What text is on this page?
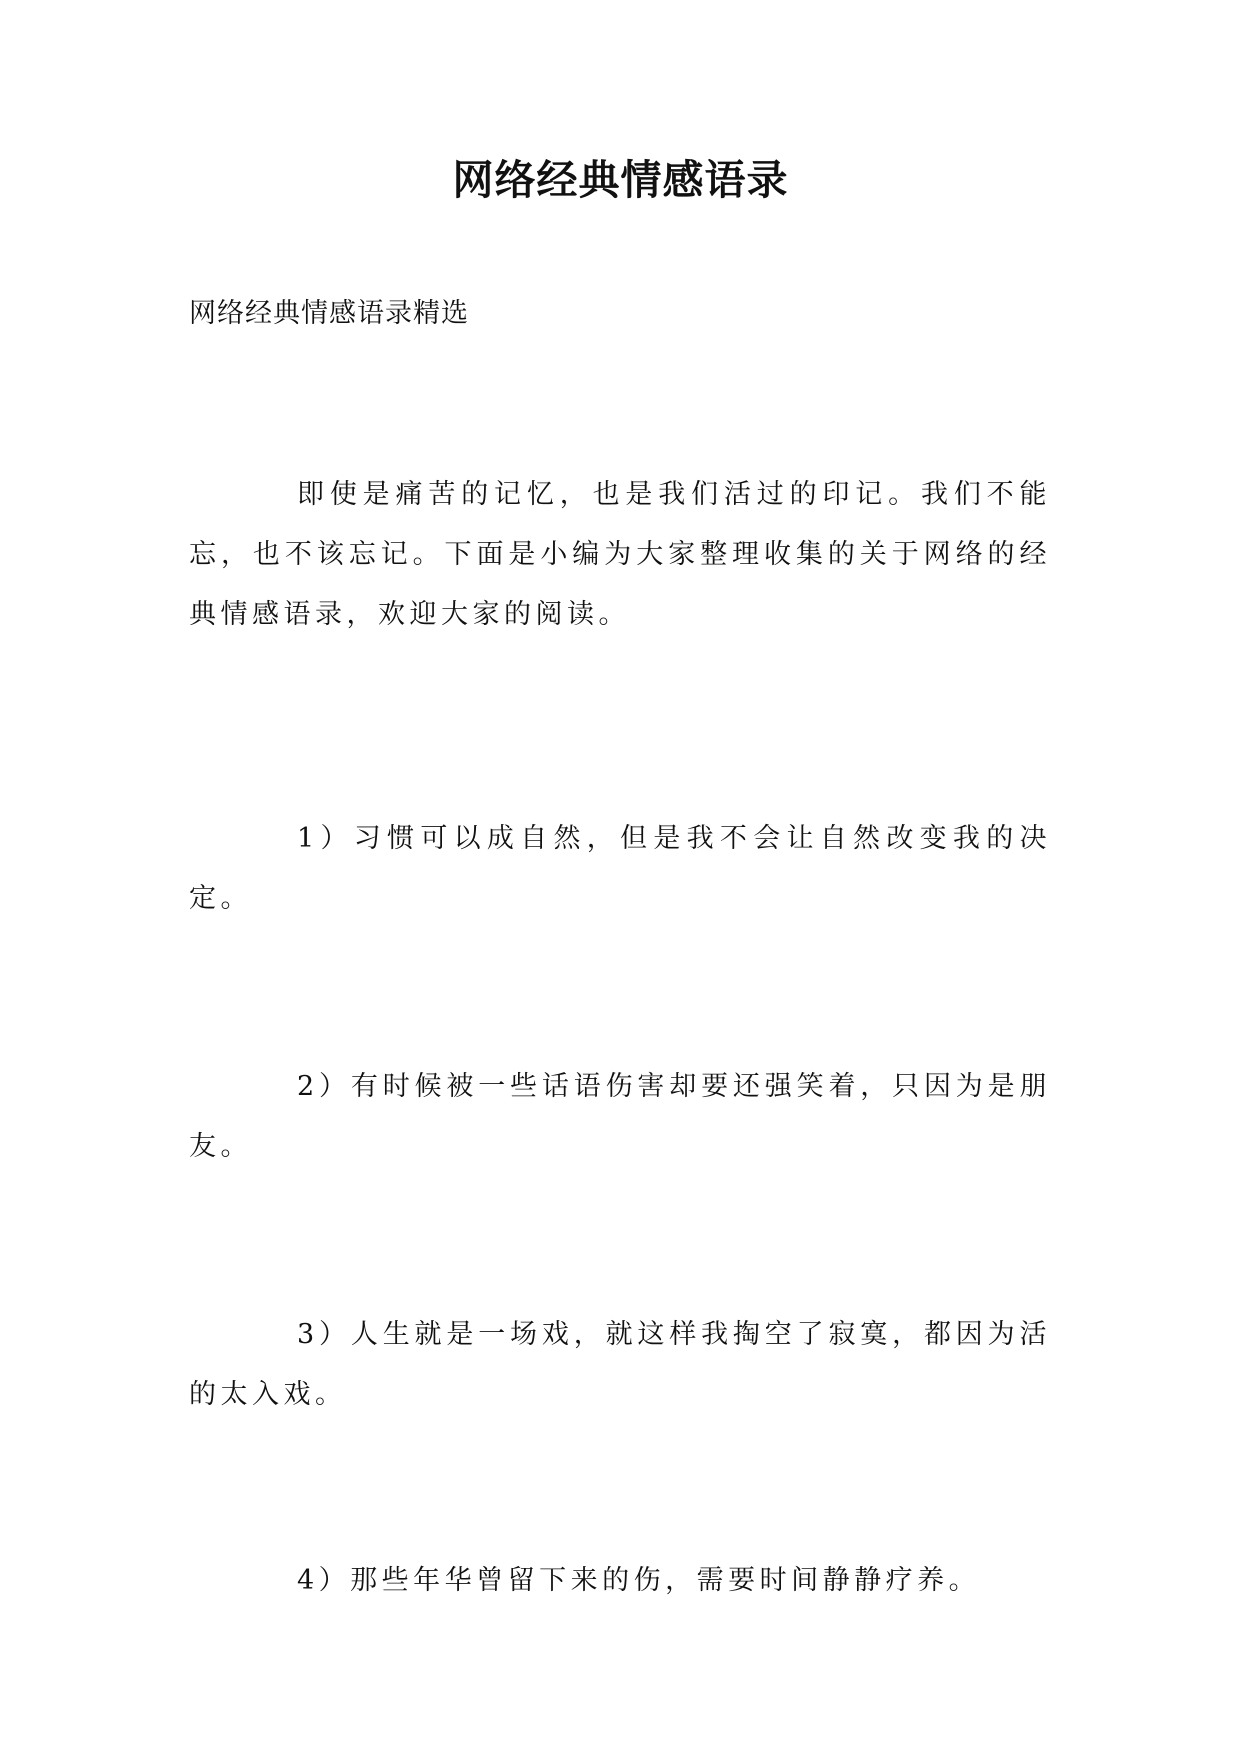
网络经典情感语录

网络经典情感语录精选

即使是痛苦的记忆，也是我们活过的印记。我们不能忘，也不该忘记。下面是小编为大家整理收集的关于网络的经典情感语录，欢迎大家的阅读。

1）习惯可以成自然，但是我不会让自然改变我的决定。

2）有时候被一些话语伤害却要还强笑着，只因为是朋友。

3）人生就是一场戏，就这样我掏空了寂寞，都因为活的太入戏。

4）那些年华曾留下来的伤，需要时间静静疗养。
